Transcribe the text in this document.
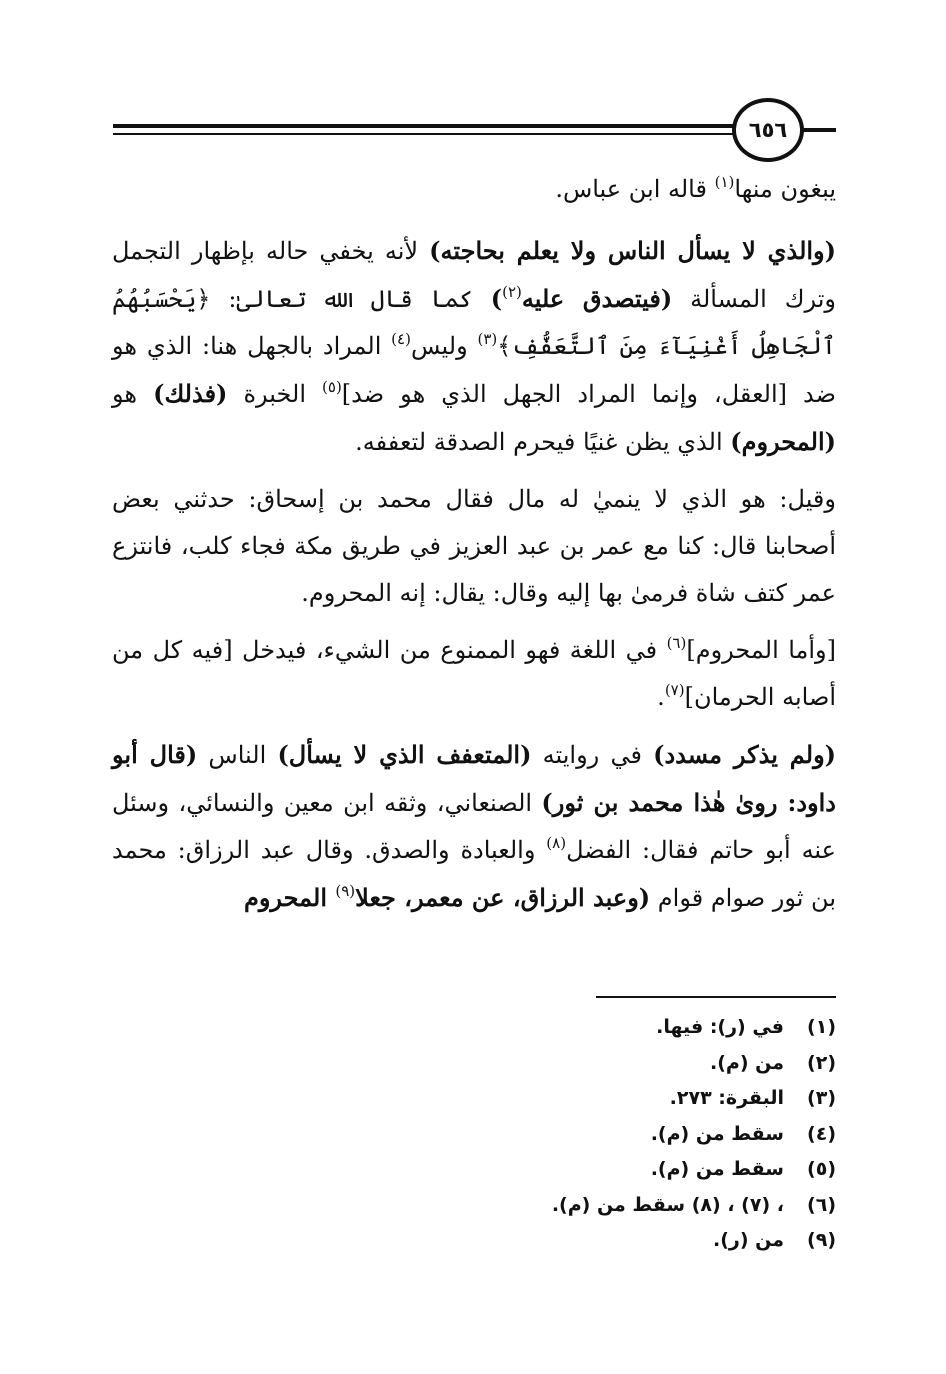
٦٥٦
يبغون منها$^{(١)}$ قاله ابن عباس.
(والذي لا يسأل الناس ولا يعلم بحاجته) لأنه يخفي حاله بإظهار التجمل وترك المسألة (فيتصدق عليه$^{(٢)}$) كما قال الله تعالىٰ: ﴿يَحْسَبُهُمُ ٱلْجَاهِلُ أَغْنِيَآءَ مِنَ ٱلتَّعَفُّفِ﴾$^{(٣)}$ وليس$^{(٤)}$ المراد بالجهل هنا: الذي هو ضد [العقل، وإنما المراد الجهل الذي هو ضد]$^{(٥)}$ الخبرة (فذلك) هو (المحروم) الذي يظن غنيًا فيحرم الصدقة لتعففه.
وقيل: هو الذي لا ينميٰ له مال فقال محمد بن إسحاق: حدثني بعض أصحابنا قال: كنا مع عمر بن عبد العزيز في طريق مكة فجاء كلب، فانتزع عمر كتف شاة فرمىٰ بها إليه وقال: يقال: إنه المحروم.
[وأما المحروم]$^{(٦)}$ في اللغة فهو الممنوع من الشيء، فيدخل [فيه كل من أصابه الحرمان]$^{(٧)}$.
(ولم يذكر مسدد) في روايته (المتعفف الذي لا يسأل) الناس (قال أبو داود: روىٰ هٰذا محمد بن ثور) الصنعاني، وثقه ابن معين والنسائي، وسئل عنه أبو حاتم فقال: الفضل$^{(٨)}$ والعبادة والصدق. وقال عبد الرزاق: محمد بن ثور صوام قوام (وعبد الرزاق، عن معمر، جعلا$^{(٩)}$ المحروم
(١)
في (ر): فيها.
(٢)
من (م).
(٣)
البقرة: ٢٧٣.
(٤)
سقط من (م).
(٥)
سقط من (م).
(٦)
، (٧) ، (٨) سقط من (م).
(٩)
من (ر).
